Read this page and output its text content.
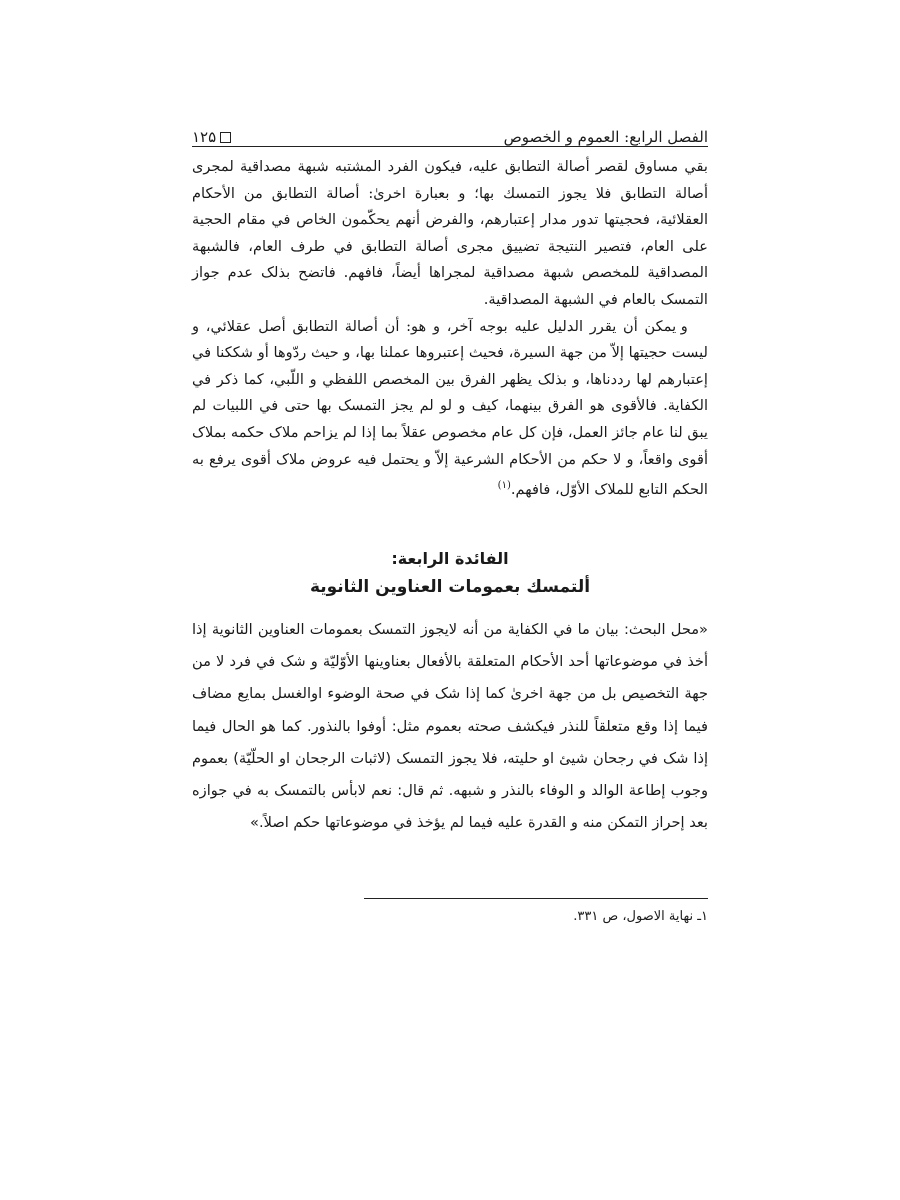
الفصل الرابع: العموم و الخصوص
۱۲۵
بقي مساوق لقصر أصالة التطابق عليه، فيكون الفرد المشتبه شبهة مصداقية لمجرى أصالة التطابق فلا يجوز التمسك بها؛ و بعبارة اخرىٰ: أصالة التطابق من الأحكام العقلائية، فحجيتها تدور مدار إعتبارهم، والفرض أنهم يحكّمون الخاص في مقام الحجية على العام، فتصير النتيجة تضييق مجرى أصالة التطابق في طرف العام، فالشبهة المصداقية للمخصص شبهة مصداقية لمجراها أيضاً، فافهم. فاتضح بذلک عدم جواز التمسک بالعام في الشبهة المصداقية.
و يمكن أن يقرر الدليل عليه بوجه آخر، و هو: أن أصالة التطابق أصل عقلائي، و ليست حجيتها إلاّ من جهة السيرة، فحيث إعتبروها عملنا بها، و حيث ردّوها أو شككنا في إعتبارهم لها رددناها، و بذلک يظهر الفرق بين المخصص اللفظي و اللّبي، كما ذكر في الكفاية. فالأقوى هو الفرق بينهما، كيف و لو لم يجز التمسک بها حتى في اللبيات لم يبق لنا عام جائز العمل، فإن كل عام مخصوص عقلاً بما إذا لم يزاحم ملاک حكمه بملاک أقوى واقعاً، و لا حكم من الأحكام الشرعية إلاّ و يحتمل فيه عروض ملاک أقوى يرفع به الحكم التابع للملاک الأوّل، فافهم.$^{(۱)}$
الفائدة الرابعة:
ألتمسك بعمومات العناوين الثانوية

«محل البحث: بيان ما في الكفاية من أنه لايجوز التمسک بعمومات العناوين الثانوية إذا أخذ في موضوعاتها أحد الأحكام المتعلقة بالأفعال بعناوينها الأوّليّة و شک في فرد لا من جهة التخصيص بل من جهة اخرىٰ كما إذا شک في صحة الوضوء اوالغسل بمايع مضاف فيما إذا وقع متعلقاً للنذر فيكشف صحته بعموم مثل: أوفوا بالنذور. كما هو الحال فيما إذا شک في رجحان شيئ او حليته، فلا يجوز التمسک (لاثبات الرجحان او الحلّيّة) بعموم وجوب إطاعة الوالد و الوفاء بالنذر و شبهه. ثم قال: نعم لابأس بالتمسک به في جوازه بعد إحراز التمكن منه و القدرة عليه فيما لم يؤخذ في موضوعاتها حكم اصلاً.»

۱ـ نهاية الاصول، ص ۳۳۱.
